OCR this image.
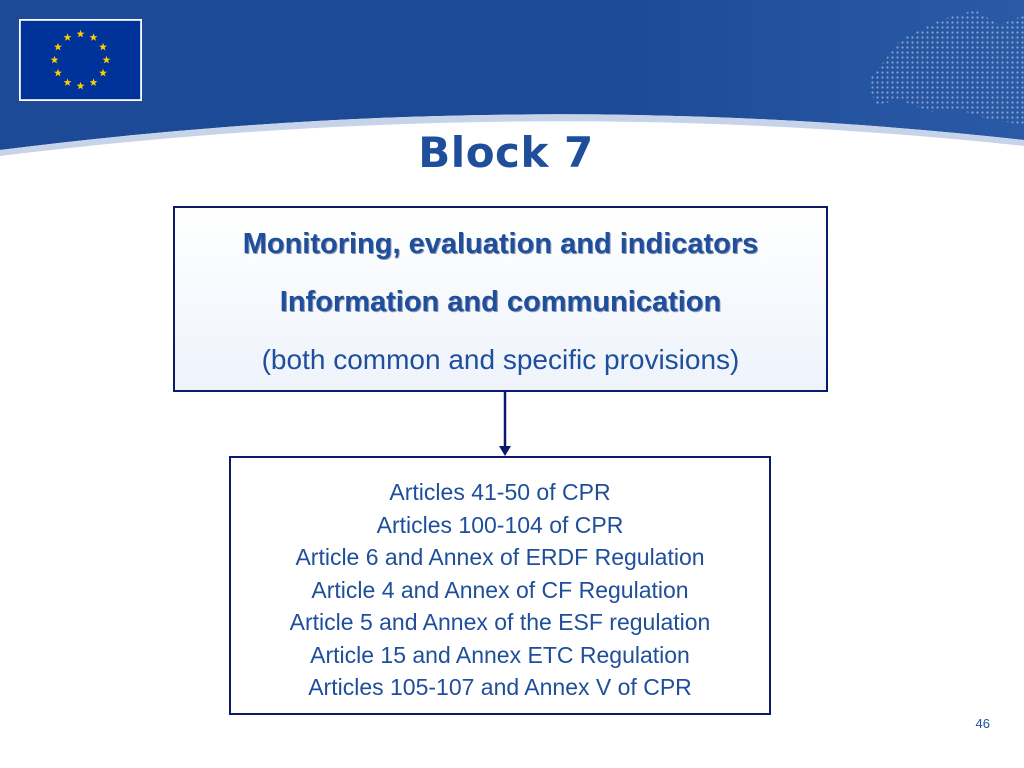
Block 7
Monitoring, evaluation and indicators
Information and communication
(both common and specific provisions)
Articles 41-50 of CPR
Articles 100-104 of CPR
Article 6 and Annex of ERDF Regulation
Article 4 and Annex of CF Regulation
Article 5 and Annex of the ESF regulation
Article 15 and Annex ETC Regulation
Articles 105-107 and Annex V of CPR
46
